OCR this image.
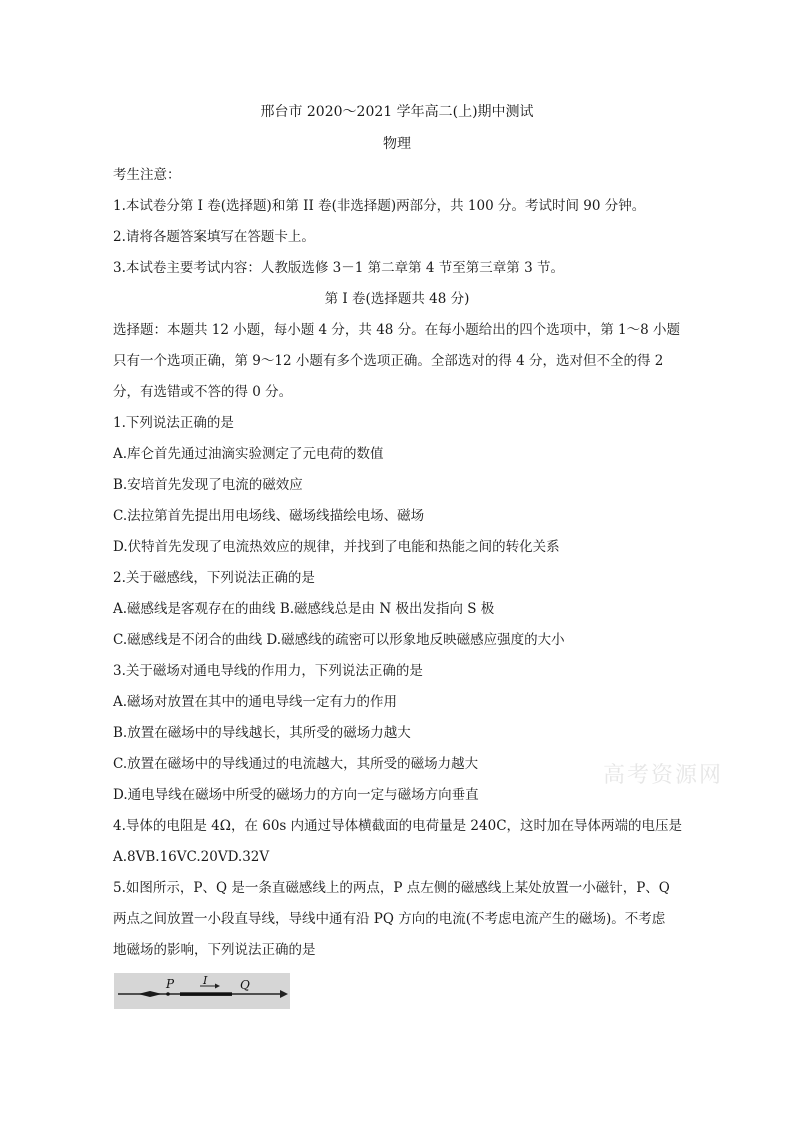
邢台市 2020～2021 学年高二(上)期中测试
物理
考生注意：
1.本试卷分第 I 卷(选择题)和第 II 卷(非选择题)两部分，共 100 分。考试时间 90 分钟。
2.请将各题答案填写在答题卡上。
3.本试卷主要考试内容：人教版选修 3－1 第二章第 4 节至第三章第 3 节。
第 I 卷(选择题共 48 分)
选择题：本题共 12 小题，每小题 4 分，共 48 分。在每小题给出的四个选项中，第 1～8 小题
只有一个选项正确，第 9～12 小题有多个选项正确。全部选对的得 4 分，选对但不全的得 2
分，有选错或不答的得 0 分。
1.下列说法正确的是
A.库仑首先通过油滴实验测定了元电荷的数值
B.安培首先发现了电流的磁效应
C.法拉第首先提出用电场线、磁场线描绘电场、磁场
D.伏特首先发现了电流热效应的规律，并找到了电能和热能之间的转化关系
2.关于磁感线，下列说法正确的是
A.磁感线是客观存在的曲线 B.磁感线总是由 N 极出发指向 S 极
C.磁感线是不闭合的曲线 D.磁感线的疏密可以形象地反映磁感应强度的大小
3.关于磁场对通电导线的作用力，下列说法正确的是
A.磁场对放置在其中的通电导线一定有力的作用
B.放置在磁场中的导线越长，其所受的磁场力越大
C.放置在磁场中的导线通过的电流越大，其所受的磁场力越大
D.通电导线在磁场中所受的磁场力的方向一定与磁场方向垂直
4.导体的电阻是 4Ω，在 60s 内通过导体横截面的电荷量是 240C，这时加在导体两端的电压是
A.8VB.16VC.20VD.32V
5.如图所示，P、Q 是一条直磁感线上的两点，P 点左侧的磁感线上某处放置一小磁针，P、Q
两点之间放置一小段直导线，导线中通有沿 PQ 方向的电流(不考虑电流产生的磁场)。不考虑
地磁场的影响，下列说法正确的是
P	I	Q
高考资源网
